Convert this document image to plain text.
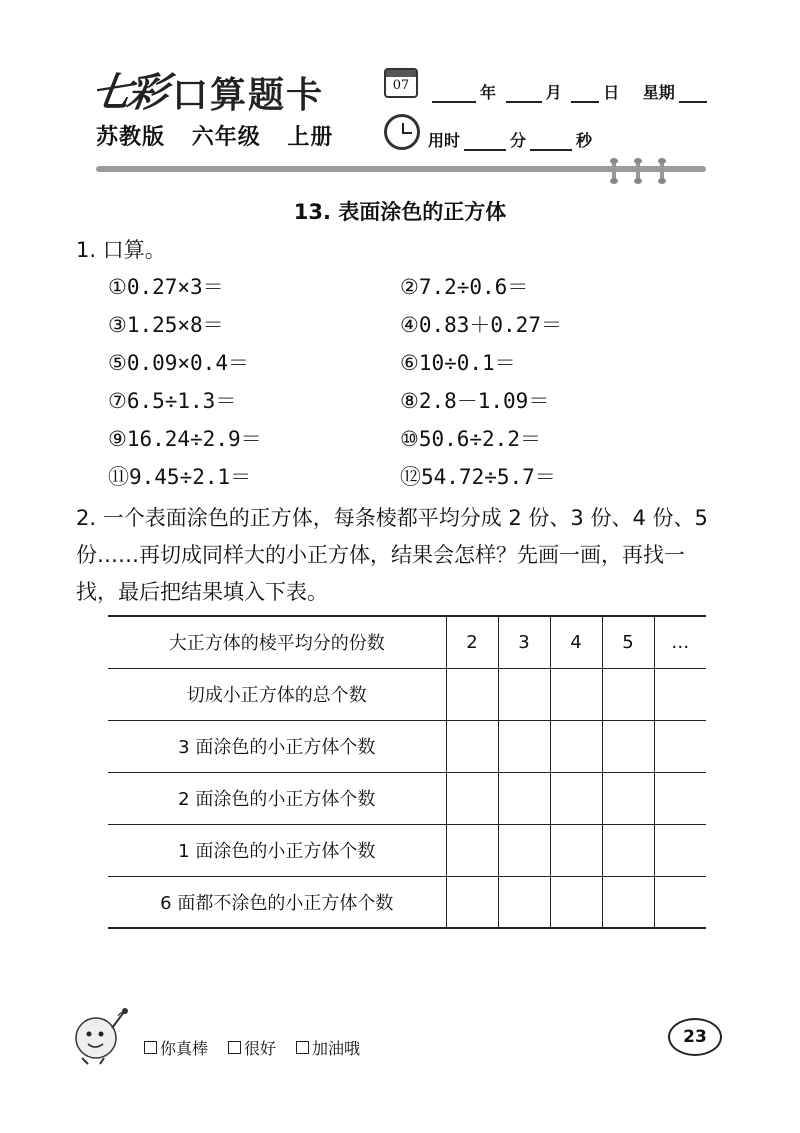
七彩 口算题卡
苏教版 六年级 上册
07	年	月	日 星期
用时	分	秒
13. 表面涂色的正方体
1. 口算。
①0.27×3＝	②7.2÷0.6＝
③1.25×8＝	④0.83＋0.27＝
⑤0.09×0.4＝	⑥10÷0.1＝
⑦6.5÷1.3＝	⑧2.8－1.09＝
⑨16.24÷2.9＝	⑩50.6÷2.2＝
⑪9.45÷2.1＝	⑫54.72÷5.7＝
2. 一个表面涂色的正方体，每条棱都平均分成 2 份、3 份、4 份、5 份……再切成同样大的小正方体，结果会怎样？先画一画，再找一找，最后把结果填入下表。
大正方体的棱平均分的份数	2	3	4	5	…
切成小正方体的总个数					
3 面涂色的小正方体个数					
2 面涂色的小正方体个数					
1 面涂色的小正方体个数					
6 面都不涂色的小正方体个数					
你真棒 很好 加油哦
23
